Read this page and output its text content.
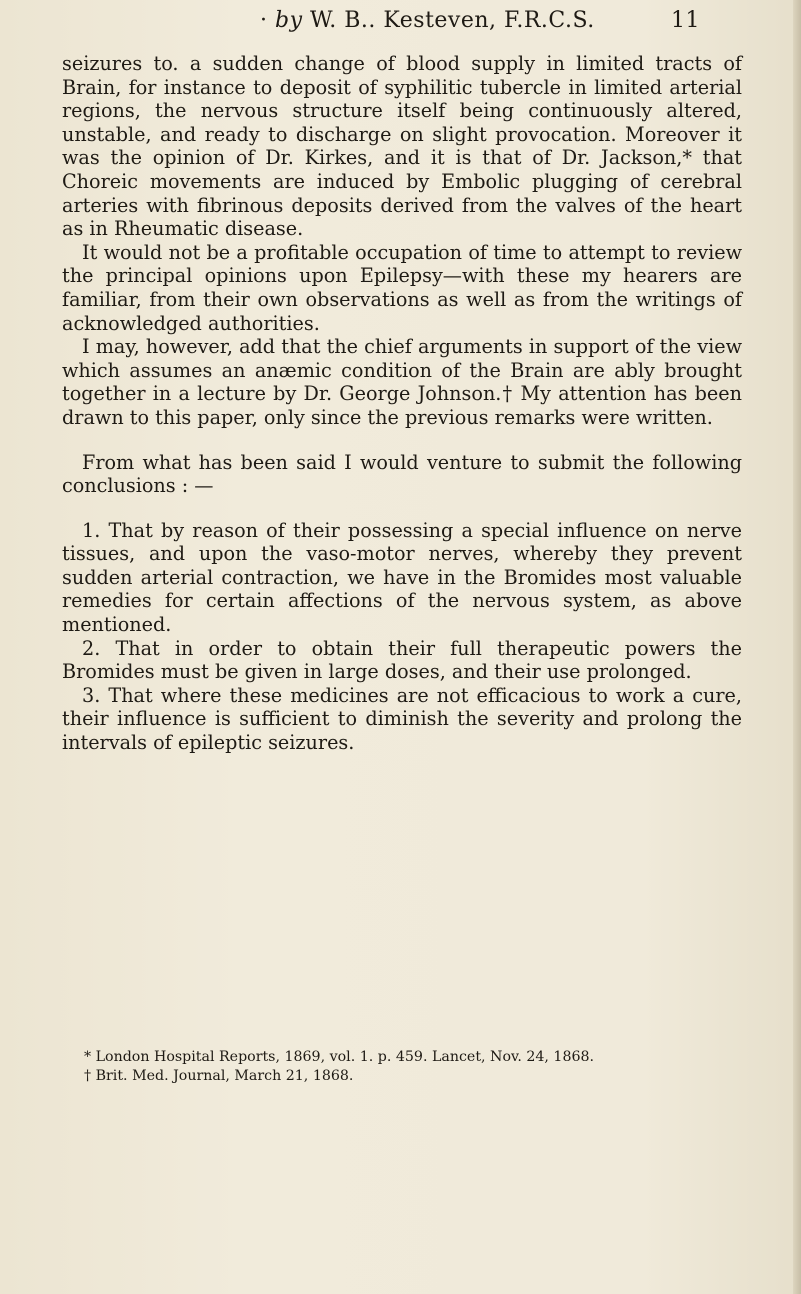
· by W. B.. Kesteven, F.R.C.S.	11

seizures to. a sudden change of blood supply in limited tracts of Brain, for instance to deposit of syphilitic tubercle in limited arterial regions, the nervous structure itself being continuously altered, unstable, and ready to discharge on slight provocation. Moreover it was the opinion of Dr. Kirkes, and it is that of Dr. Jackson,* that Choreic movements are induced by Embolic plugging of cerebral arteries with fibrinous deposits derived from the valves of the heart as in Rheumatic disease.

It would not be a profitable occupation of time to attempt to review the principal opinions upon Epilepsy—with these my hearers are familiar, from their own observations as well as from the writings of acknowledged authorities.

I may, however, add that the chief arguments in support of the view which assumes an anæmic condition of the Brain are ably brought together in a lecture by Dr. George Johnson.† My attention has been drawn to this paper, only since the previous remarks were written.

From what has been said I would venture to submit the following conclusions : —

1. That by reason of their possessing a special influence on nerve tissues, and upon the vaso-motor nerves, whereby they prevent sudden arterial contraction, we have in the Bromides most valuable remedies for certain affections of the nervous system, as above mentioned.

2. That in order to obtain their full therapeutic powers the Bromides must be given in large doses, and their use prolonged.

3. That where these medicines are not efficacious to work a cure, their influence is sufficient to diminish the severity and prolong the intervals of epileptic seizures.

* London Hospital Reports, 1869, vol. 1. p. 459. Lancet, Nov. 24, 1868.

† Brit. Med. Journal, March 21, 1868.
